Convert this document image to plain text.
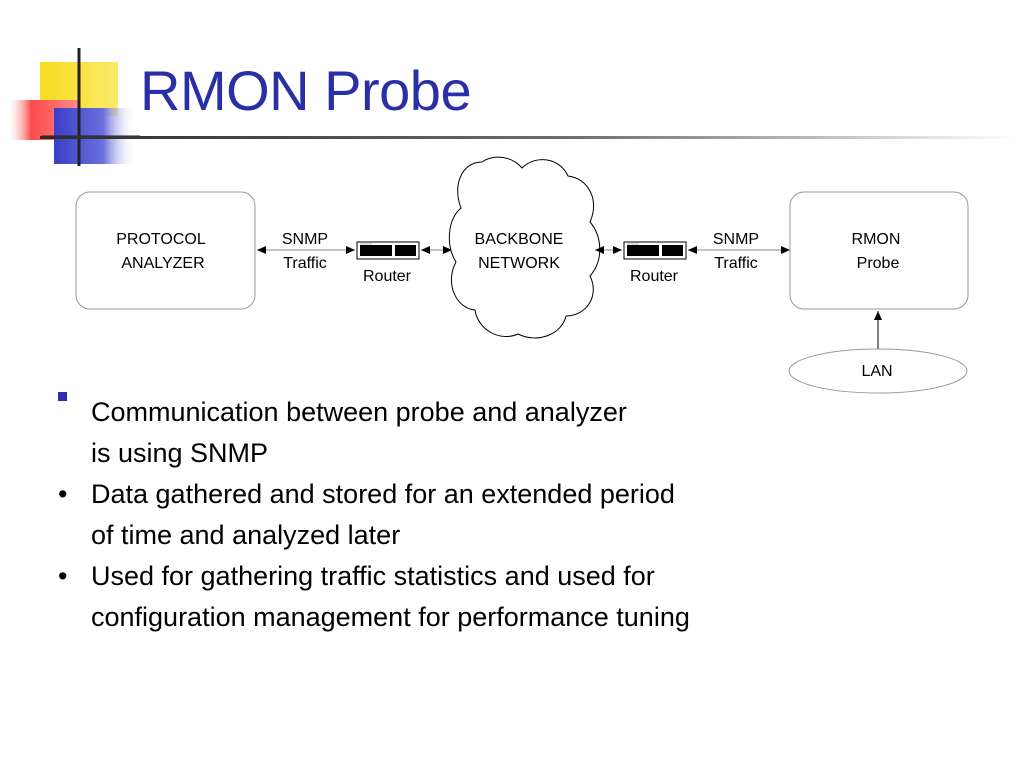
RMON Probe
PROTOCOL
ANALYZER
SNMP
Traffic
Router
BACKBONE
NETWORK
Router
SNMP
Traffic
RMON
Probe
LAN
Communication between probe and analyzer
is using SNMP
• Data gathered and stored for an extended period
of time and analyzed later
• Used for gathering traffic statistics and used for
configuration management for performance tuning
